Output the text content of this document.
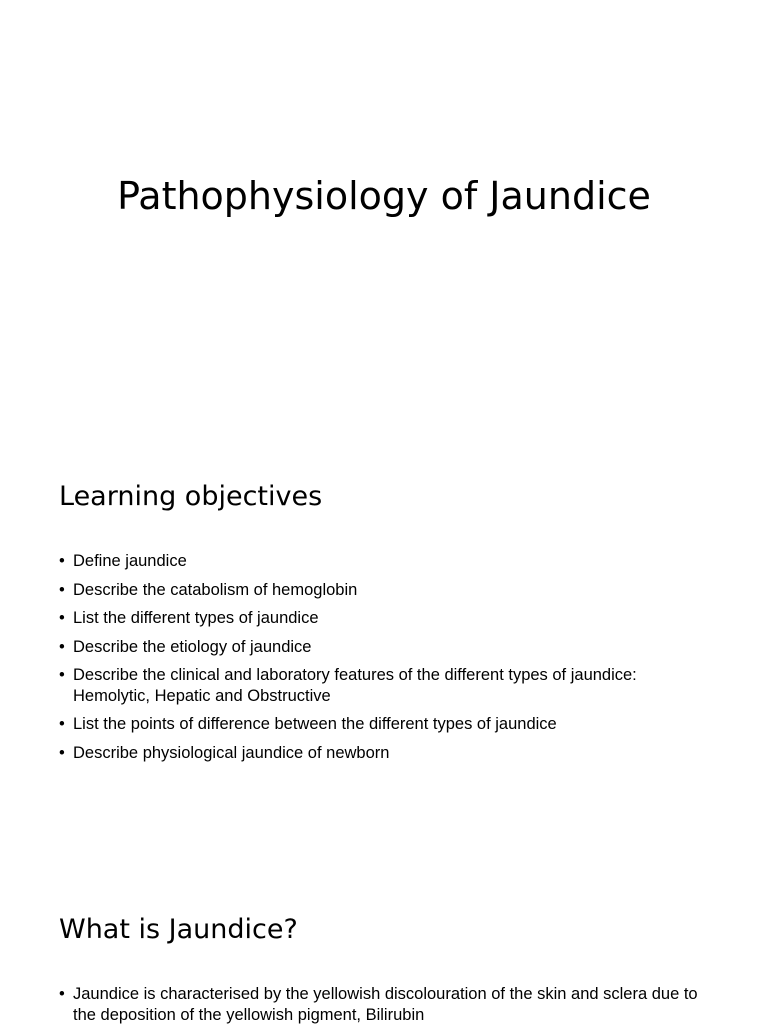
Pathophysiology of Jaundice
Learning objectives
• Define jaundice
• Describe the catabolism of hemoglobin
• List the different types of jaundice
• Describe the etiology of jaundice
• Describe the clinical and laboratory features of the different types of jaundice: Hemolytic, Hepatic and Obstructive
• List the points of difference between the different types of jaundice
• Describe physiological jaundice of newborn
What is Jaundice?
• Jaundice is characterised by the yellowish discolouration of the skin and sclera due to the deposition of the yellowish pigment, Bilirubin
